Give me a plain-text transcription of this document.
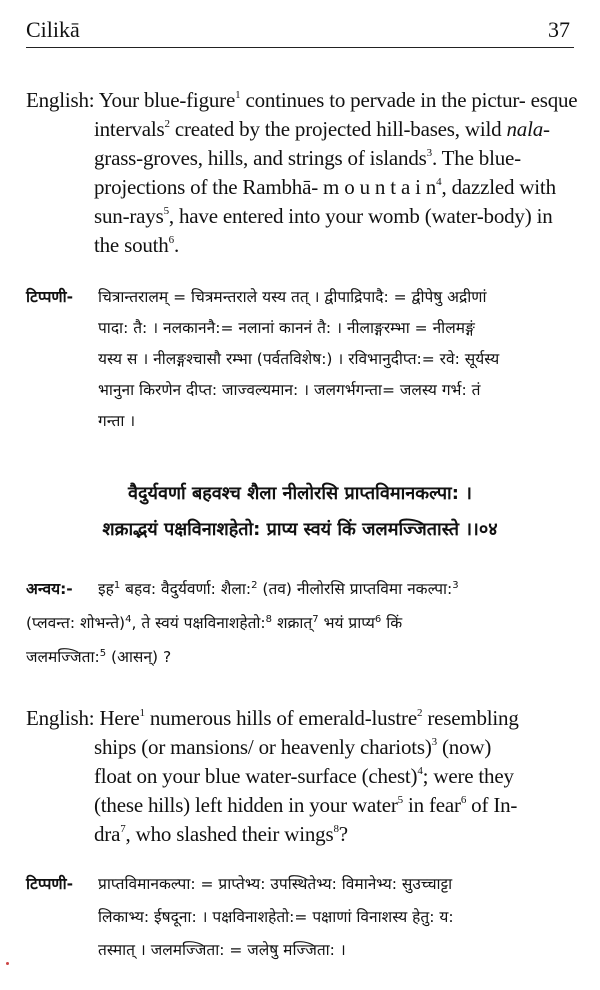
Cilikā	37

English: Your blue-figure$^1$ continues to pervade in the pictur- esque intervals$^2$ created by the projected hill-bases, wild nala-grass-groves, hills, and strings of islands$^3$. The blue-projections of the Rambhā- m o u n t a i $n^4$, dazzled with sun-rays$^5$, have entered into your womb (water-body) in the south$^6$.

टिप्पणी-	चित्रान्तरालम् = चित्रमन्तराले यस्य तत् । द्वीपाद्रिपादै: = द्वीपेषु अद्रीणां
पादा: तै: । नलकाननै:= नलानां काननं तै: । नीलाङ्गरम्भा = नीलमङ्गं
यस्य स । नीलङ्गश्चासौ रम्भा (पर्वतविशेष:) । रविभानुदीप्त:= रवे: सूर्यस्य
भानुना किरणेन दीप्त: जाज्वल्यमान: । जलगर्भगन्ता= जलस्य गर्भ: तं
गन्ता ।
वैदुर्यवर्णा बहवश्च शैला नीलोरसि प्राप्तविमानकल्पा: ।
शक्राद्भयं पक्षविनाशहेतो: प्राप्य स्वयं किं जलमज्जितास्ते ।।०४
अन्वय:-	इह$^1$ बहव: वैदुर्यवर्णा: शैला:$^2$ (तव) नीलोरसि प्राप्तविमा नकल्पा:$^3$
(प्लवन्त: शोभन्ते)$^4$, ते स्वयं पक्षविनाशहेतो:$^8$ शक्रात्$^7$ भयं प्राप्य$^6$ किं
जलमज्जिता:$^5$ (आसन्) ?
English: Here$^1$ numerous hills of emerald-lustre$^2$ resembling
ships (or mansions/ or heavenly chariots)$^3$ (now)
float on your blue water-surface (chest)$^4$; were they
(these hills) left hidden in your water$^5$ in fear$^6$ of In-
dra$^7$, who slashed their wings$^8$?
टिप्पणी-	प्राप्तविमानकल्पा: = प्राप्तेभ्य: उपस्थितेभ्य: विमानेभ्य: सुउच्चाट्टा
लिकाभ्य: ईषदूना: । पक्षविनाशहेतो:= पक्षाणां विनाशस्य हेतु: य:
तस्मात् । जलमज्जिता: = जलेषु मज्जिता: ।
